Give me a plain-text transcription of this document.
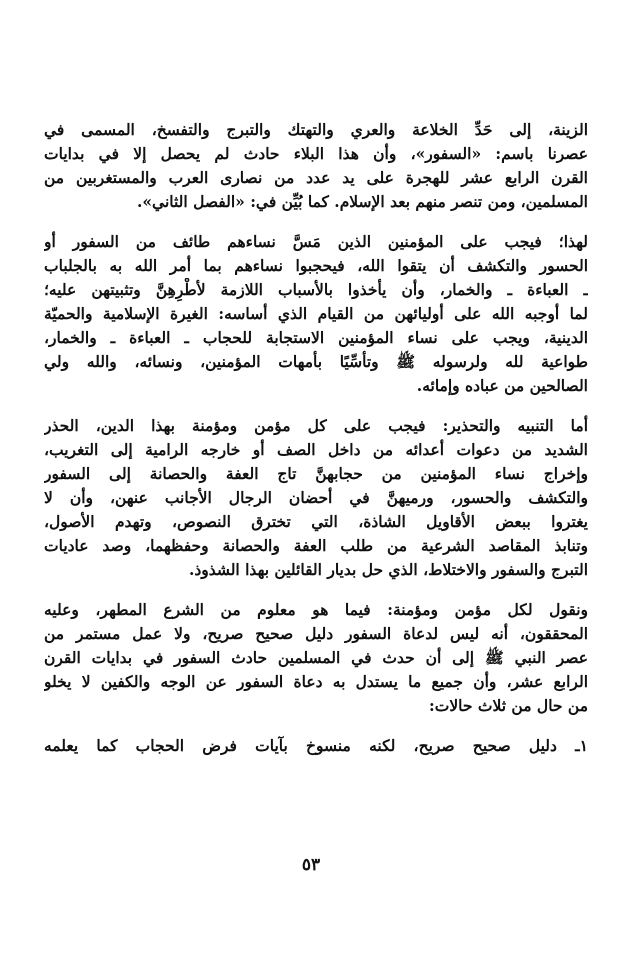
الزينة، إلى حَدِّ الخلاعة والعري والتهتك والتبرج والتفسخ، المسمى في
عصرنا باسم: «السفور»، وأن هذا البلاء حادث لم يحصل إلا في بدايات
القرن الرابع عشر للهجرة على يد عدد من نصارى العرب والمستغربين من
المسلمين، ومن تنصر منهم بعد الإسلام. كما بُيِّن في: «الفصل الثاني».

لهذا؛ فيجب على المؤمنين الذين مَسَّ نساءهم طائف من السفور أو
الحسور والتكشف أن يتقوا الله، فيحجبوا نساءهم بما أمر الله به بالجلباب
ـ العباءة ـ والخمار، وأن يأخذوا بالأسباب اللازمة لأطْرِهِنَّ وتثبيتهن عليه؛
لما أوجبه الله على أوليائهن من القيام الذي أساسه: الغيرة الإسلامية والحميّة
الدينية، ويجب على نساء المؤمنين الاستجابة للحجاب ـ العباءة ـ والخمار،
طواعية لله ولرسوله ﷺ وتأسِّيًا بأمهات المؤمنين، ونسائه، والله ولي
الصالحين من عباده وإمائه.

أما التنبيه والتحذير: فيجب على كل مؤمن ومؤمنة بهذا الدين، الحذر
الشديد من دعوات أعدائه من داخل الصف أو خارجه الرامية إلى التغريب،
وإخراج نساء المؤمنين من حجابهنَّ تاج العفة والحصانة إلى السفور
والتكشف والحسور، ورميهنَّ في أحضان الرجال الأجانب عنهن، وأن لا
يغتروا ببعض الأقاويل الشاذة، التي تخترق النصوص، وتهدم الأصول،
وتنابذ المقاصد الشرعية من طلب العفة والحصانة وحفظهما، وصد عاديات
التبرج والسفور والاختلاط، الذي حل بديار القائلين بهذا الشذوذ.

ونقول لكل مؤمن ومؤمنة: فيما هو معلوم من الشرع المطهر، وعليه
المحققون، أنه ليس لدعاة السفور دليل صحيح صريح، ولا عمل مستمر من
عصر النبي ﷺ إلى أن حدث في المسلمين حادث السفور في بدايات القرن
الرابع عشر، وأن جميع ما يستدل به دعاة السفور عن الوجه والكفين لا يخلو
من حال من ثلاث حالات:

١ـ دليل صحيح صريح، لكنه منسوخ بآيات فرض الحجاب كما يعلمه

٥٣
